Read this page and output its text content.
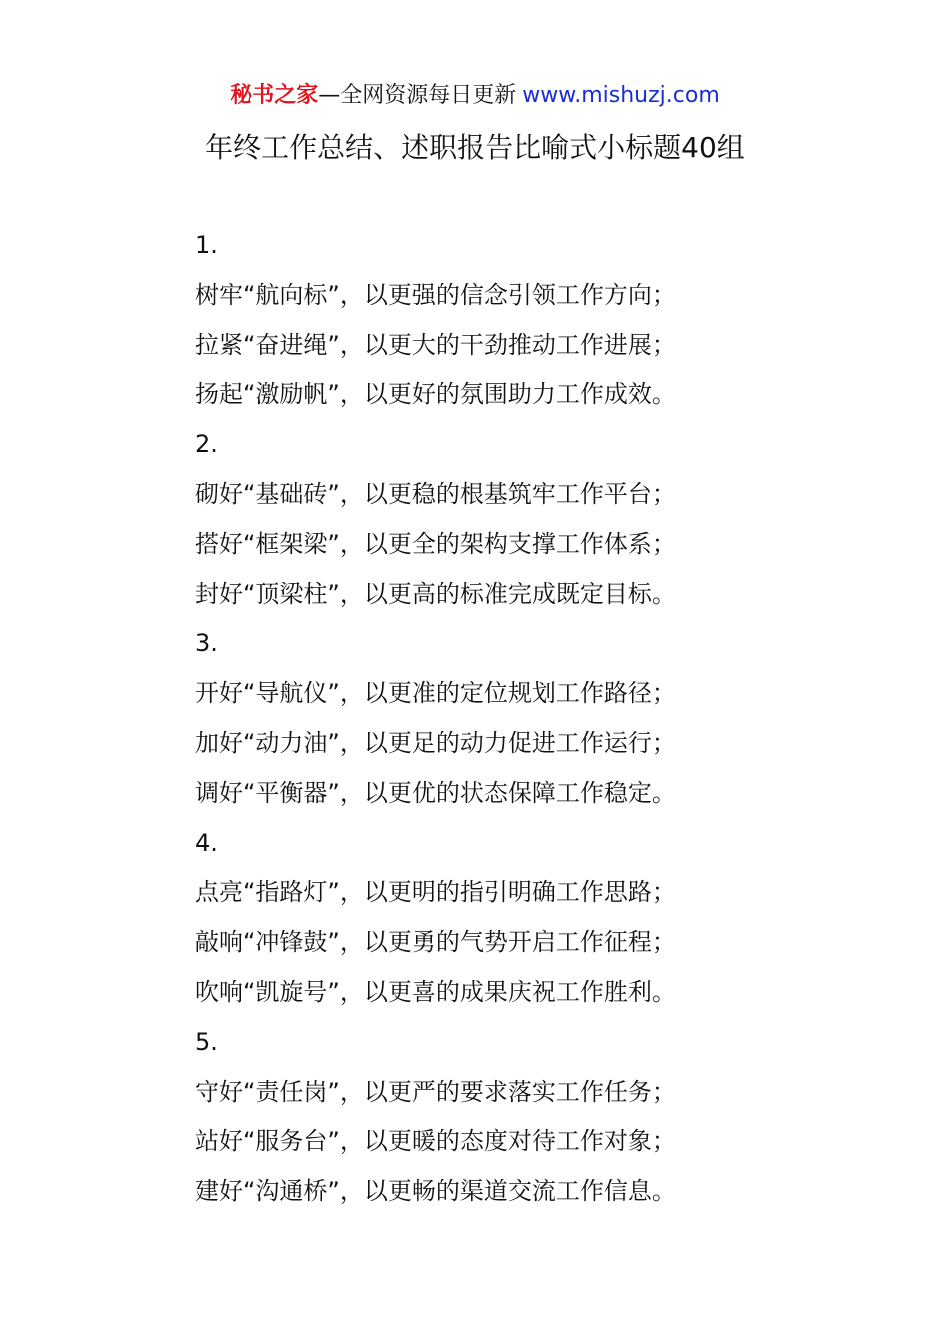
秘书之家—全网资源每日更新 www.mishuzj.com
年终工作总结、述职报告比喻式小标题40组
1.
树牢“航向标”，以更强的信念引领工作方向；
拉紧“奋进绳”，以更大的干劲推动工作进展；
扬起“激励帆”，以更好的氛围助力工作成效。
2.
砌好“基础砖”，以更稳的根基筑牢工作平台；
搭好“框架梁”，以更全的架构支撑工作体系；
封好“顶梁柱”，以更高的标准完成既定目标。
3.
开好“导航仪”，以更准的定位规划工作路径；
加好“动力油”，以更足的动力促进工作运行；
调好“平衡器”，以更优的状态保障工作稳定。
4.
点亮“指路灯”，以更明的指引明确工作思路；
敲响“冲锋鼓”，以更勇的气势开启工作征程；
吹响“凯旋号”，以更喜的成果庆祝工作胜利。
5.
守好“责任岗”，以更严的要求落实工作任务；
站好“服务台”，以更暖的态度对待工作对象；
建好“沟通桥”，以更畅的渠道交流工作信息。
